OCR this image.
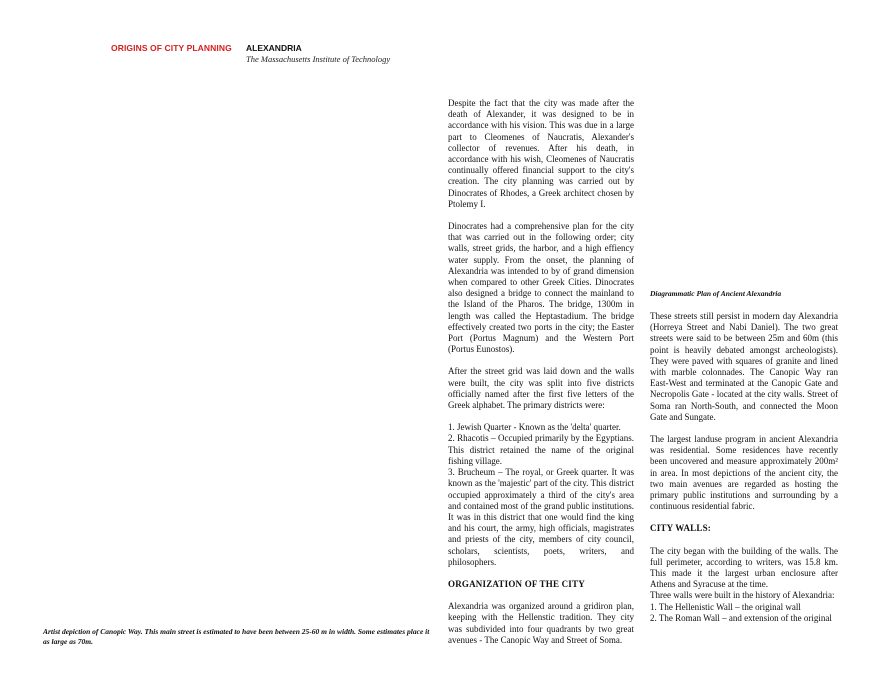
ORIGINS OF CITY PLANNING ALEXANDRIA
The Massachusetts Institute of Technology

Despite the fact that the city was made after the death of Alexander, it was designed to be in accordance with his vision. This was due in a large part to Cleomenes of Naucratis, Alexander's collector of revenues. After his death, in accordance with his wish, Cleomenes of Naucratis continually offered financial support to the city's creation. The city planning was carried out by Dinocrates of Rhodes, a Greek architect chosen by Ptolemy I.

Dinocrates had a comprehensive plan for the city that was carried out in the following order; city walls, street grids, the harbor, and a high effiency water supply. From the onset, the planning of Alexandria was intended to by of grand dimension when compared to other Greek Cities. Dinocrates also designed a bridge to connect the mainland to the Island of the Pharos. The bridge, 1300m in length was called the Heptastadium. The bridge effectively created two ports in the city; the Easter Port (Portus Magnum) and the Western Port (Portus Eunostos).

After the street grid was laid down and the walls were built, the city was split into five districts officially named after the first five letters of the Greek alphabet. The primary districts were:

1. Jewish Quarter - Known as the 'delta' quarter.

2. Rhacotis – Occupied primarily by the Egyptians. This district retained the name of the original fishing village.

3. Brucheum – The royal, or Greek quarter. It was known as the 'majestic' part of the city. This district occupied approximately a third of the city's area and contained most of the grand public institutions. It was in this district that one would find the king and his court, the army, high officials, magistrates and priests of the city, members of city council, scholars, scientists, poets, writers, and philosophers.

ORGANIZATION OF THE CITY

Alexandria was organized around a gridiron plan, keeping with the Hellenstic tradition. They city was subdivided into four quadrants by two great avenues - The Canopic Way and Street of Soma.

Diagrammatic Plan of Ancient Alexandria

These streets still persist in modern day Alexandria (Horreya Street and Nabi Daniel). The two great streets were said to be between 25m and 60m (this point is heavily debated amongst archeologists). They were paved with squares of granite and lined with marble colonnades. The Canopic Way ran East-West and terminated at the Canopic Gate and Necropolis Gate - located at the city walls. Street of Soma ran North-South, and connected the Moon Gate and Sungate.

The largest landuse program in ancient Alexandria was residential. Some residences have recently been uncovered and measure approximately 200m² in area. In most depictions of the ancient city, the two main avenues are regarded as hosting the primary public institutions and surrounding by a continuous residential fabric.

CITY WALLS:

The city began with the building of the walls. The full perimeter, according to writers, was 15.8 km. This made it the largest urban enclosure after Athens and Syracuse at the time.

Three walls were built in the history of Alexandria:

1. The Hellenistic Wall – the original wall

2. The Roman Wall – and extension of the original

Artist depiction of Canopic Way. This main street is estimated to have been between 25-60 m in width. Some estimates place it as large as 70m.
